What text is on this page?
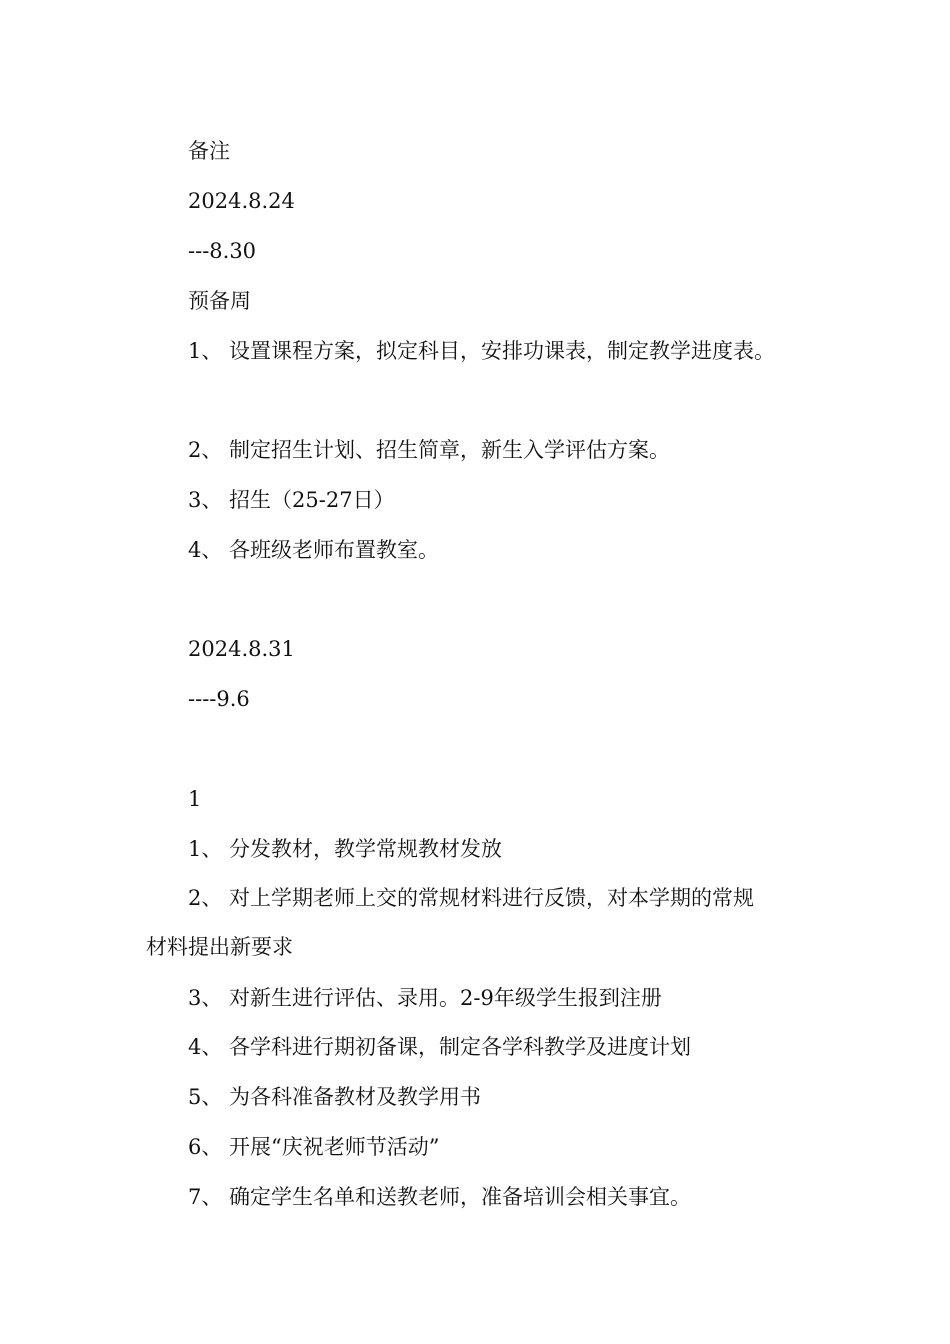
备注
2024.8.24
---8.30
预备周
1、 设置课程方案，拟定科目，安排功课表，制定教学进度表。
2、 制定招生计划、招生简章，新生入学评估方案。
3、 招生（25-27日）
4、 各班级老师布置教室。
2024.8.31
----9.6
1
1、 分发教材，教学常规教材发放
2、 对上学期老师上交的常规材料进行反馈，对本学期的常规
材料提出新要求
3、 对新生进行评估、录用。2-9年级学生报到注册
4、 各学科进行期初备课，制定各学科教学及进度计划
5、 为各科准备教材及教学用书
6、 开展“庆祝老师节活动”
7、 确定学生名单和送教老师，准备培训会相关事宜。
